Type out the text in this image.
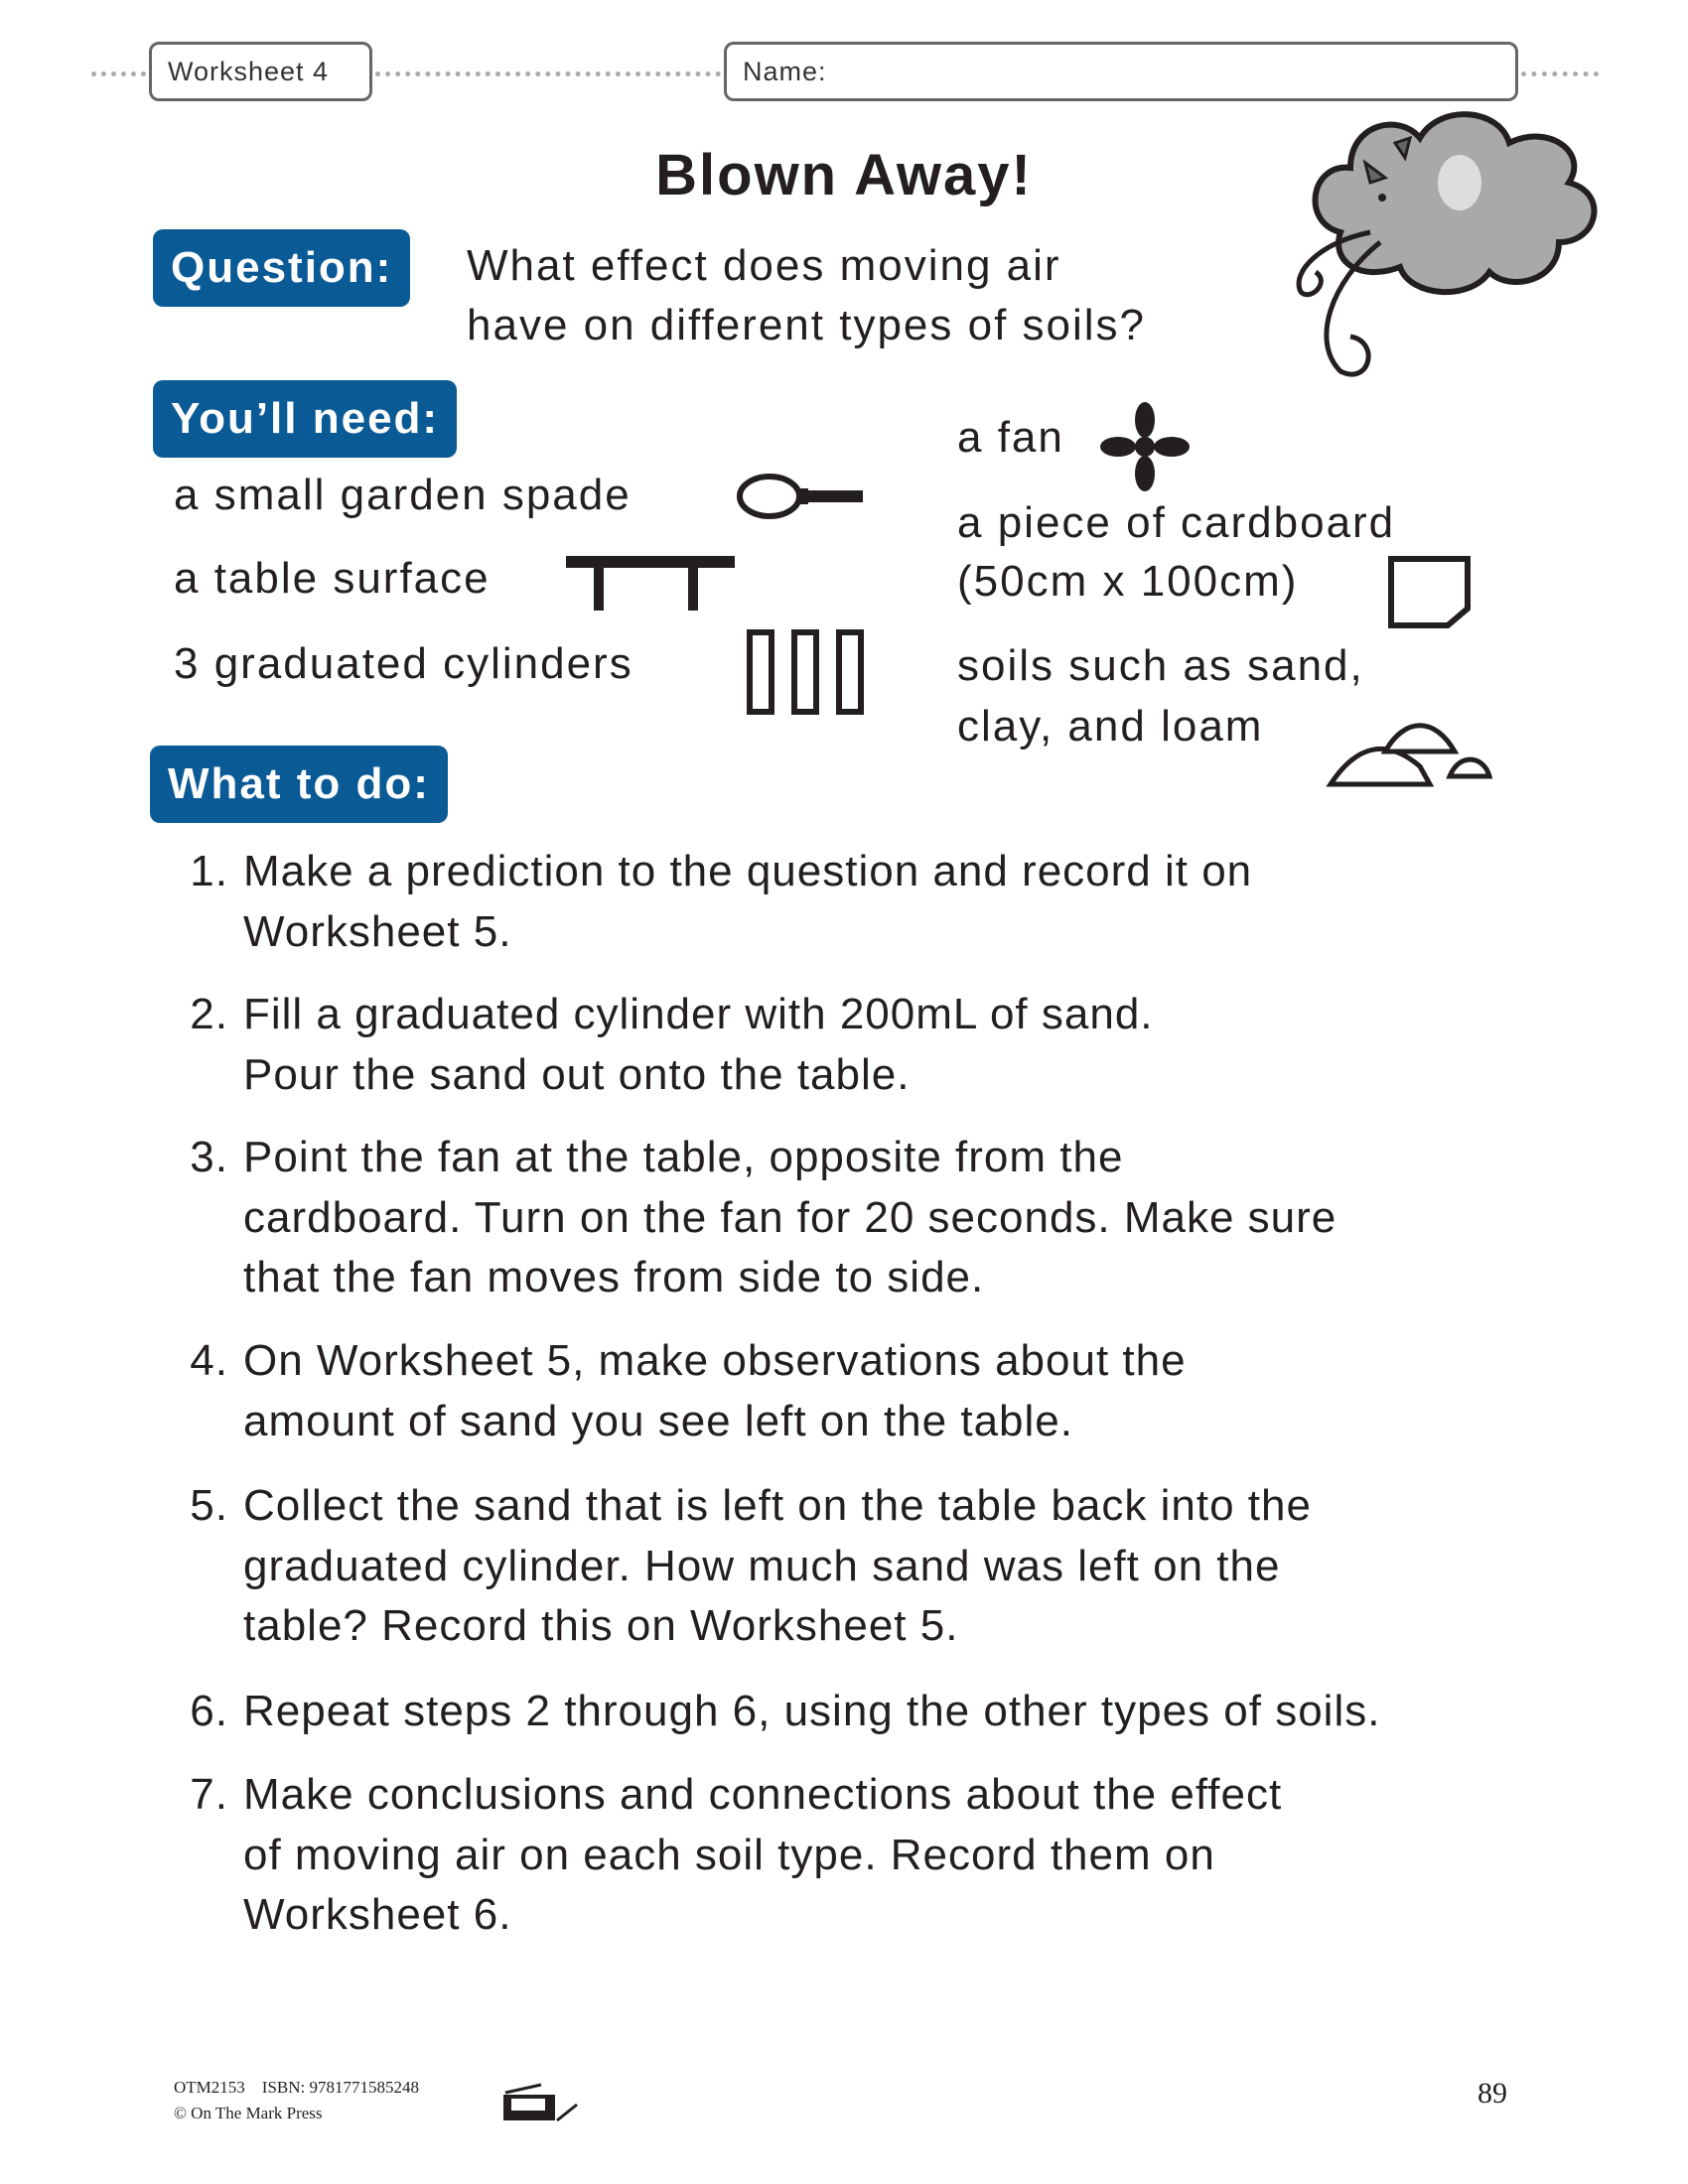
Worksheet 4	Name:
Blown Away!
Question:	What effect does moving air
have on different types of soils?
You’ll need:
a small garden spade
a table surface
3 graduated cylinders
a fan
a piece of cardboard
(50cm x 100cm)
soils such as sand,
clay, and loam
What to do:
1. Make a prediction to the question and record it on
Worksheet 5.
2. Fill a graduated cylinder with 200mL of sand.
Pour the sand out onto the table.
3. Point the fan at the table, opposite from the
cardboard. Turn on the fan for 20 seconds. Make sure
that the fan moves from side to side.
4. On Worksheet 5, make observations about the
amount of sand you see left on the table.
5. Collect the sand that is left on the table back into the
graduated cylinder. How much sand was left on the
table? Record this on Worksheet 5.
6. Repeat steps 2 through 6, using the other types of soils.
7. Make conclusions and connections about the effect
of moving air on each soil type. Record them on
Worksheet 6.
OTM2153 ISBN: 9781771585248
© On The Mark Press
89
